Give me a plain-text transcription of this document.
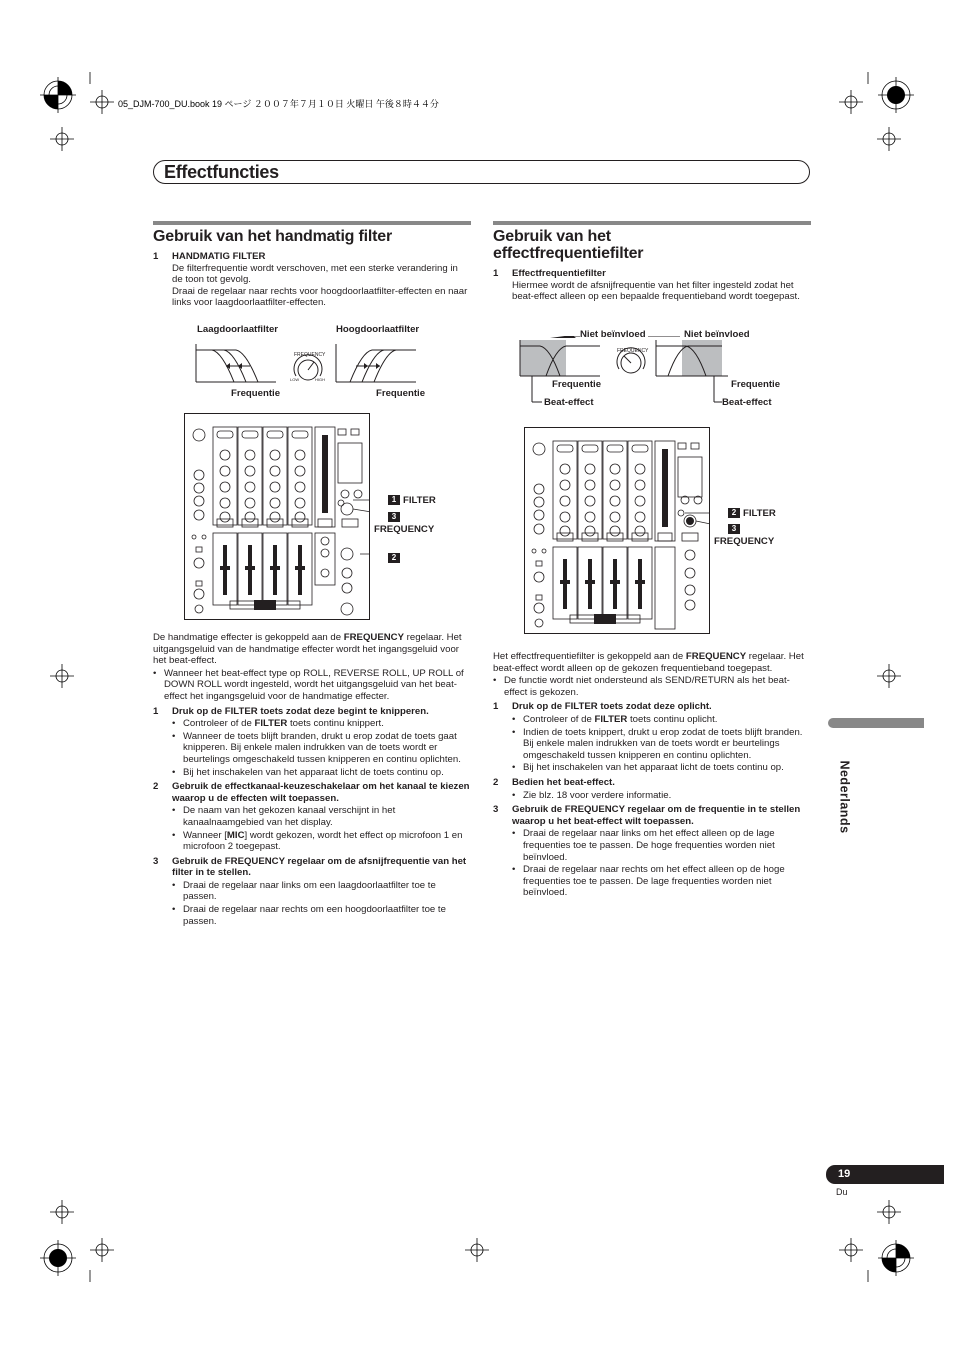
05_DJM-700_DU.book 19 ページ ２００７年７月１０日 火曜日 午後８時４４分
Effectfuncties
Gebruik van het handmatig filter
1	HANDMATIG FILTER

De filterfrequentie wordt verschoven, met een sterke verandering in de toon tot gevolg.

Draai de regelaar naar rechts voor hoogdoorlaatfilter-effecten en naar links voor laagdoorlaatfilter-effecten.

Laagdoorlaatfilter	Hoogdoorlaatfilter
FREQUENCY
LOW	HIGH
Frequentie	Frequentie
1 FILTER
3
FREQUENCY
2

De handmatige effecter is gekoppeld aan de FREQUENCY regelaar. Het uitgangsgeluid van de handmatige effecter wordt het ingangsgeluid voor het beat-effect.

• Wanneer het beat-effect type op ROLL, REVERSE ROLL, UP ROLL of DOWN ROLL wordt ingesteld, wordt het uitgangsgeluid van het beat-effect het ingangsgeluid voor de handmatige effecter.
1	Druk op de FILTER toets zodat deze begint te knipperen.
• Controleer of de FILTER toets continu knippert.
• Wanneer de toets blijft branden, drukt u erop zodat de toets gaat knipperen. Bij enkele malen indrukken van de toets wordt er beurtelings omgeschakeld tussen knipperen en continu oplichten.
• Bij het inschakelen van het apparaat licht de toets continu op.
2	Gebruik de effectkanaal-keuzeschakelaar om het kanaal te kiezen waarop u de effecten wilt toepassen.
• De naam van het gekozen kanaal verschijnt in het kanaalnaamgebied van het display.
• Wanneer [MIC] wordt gekozen, wordt het effect op microfoon 1 en microfoon 2 toegepast.
3	Gebruik de FREQUENCY regelaar om de afsnijfrequentie van het filter in te stellen.
• Draai de regelaar naar links om een laagdoorlaatfilter toe te passen.
• Draai de regelaar naar rechts om een hoogdoorlaatfilter toe te passen.
Gebruik van het
effectfrequentiefilter
1	Effectfrequentiefilter

Hiermee wordt de afsnijfrequentie van het filter ingesteld zodat het beat-effect alleen op een bepaalde frequentieband wordt toegepast.

Niet beïnvloed	Niet beïnvloed
FREQUENCY
Frequentie	Frequentie
Beat-effect	Beat-effect
2 FILTER
3
FREQUENCY

Het effectfrequentiefilter is gekoppeld aan de FREQUENCY regelaar. Het beat-effect wordt alleen op de gekozen frequentieband toegepast.

• De functie wordt niet ondersteund als SEND/RETURN als het beat-effect is gekozen.
1	Druk op de FILTER toets zodat deze oplicht.
• Controleer of de FILTER toets continu oplicht.
• Indien de toets knippert, drukt u erop zodat de toets blijft branden. Bij enkele malen indrukken van de toets wordt er beurtelings omgeschakeld tussen knipperen en continu oplichten.
• Bij het inschakelen van het apparaat licht de toets continu op.
2	Bedien het beat-effect.
• Zie blz. 18 voor verdere informatie.
3	Gebruik de FREQUENCY regelaar om de frequentie in te stellen waarop u het beat-effect wilt toepassen.
• Draai de regelaar naar links om het effect alleen op de lage frequenties toe te passen. De hoge frequenties worden niet beïnvloed.
• Draai de regelaar naar rechts om het effect alleen op de hoge frequenties toe te passen. De lage frequenties worden niet beïnvloed.
Nederlands
19
Du
